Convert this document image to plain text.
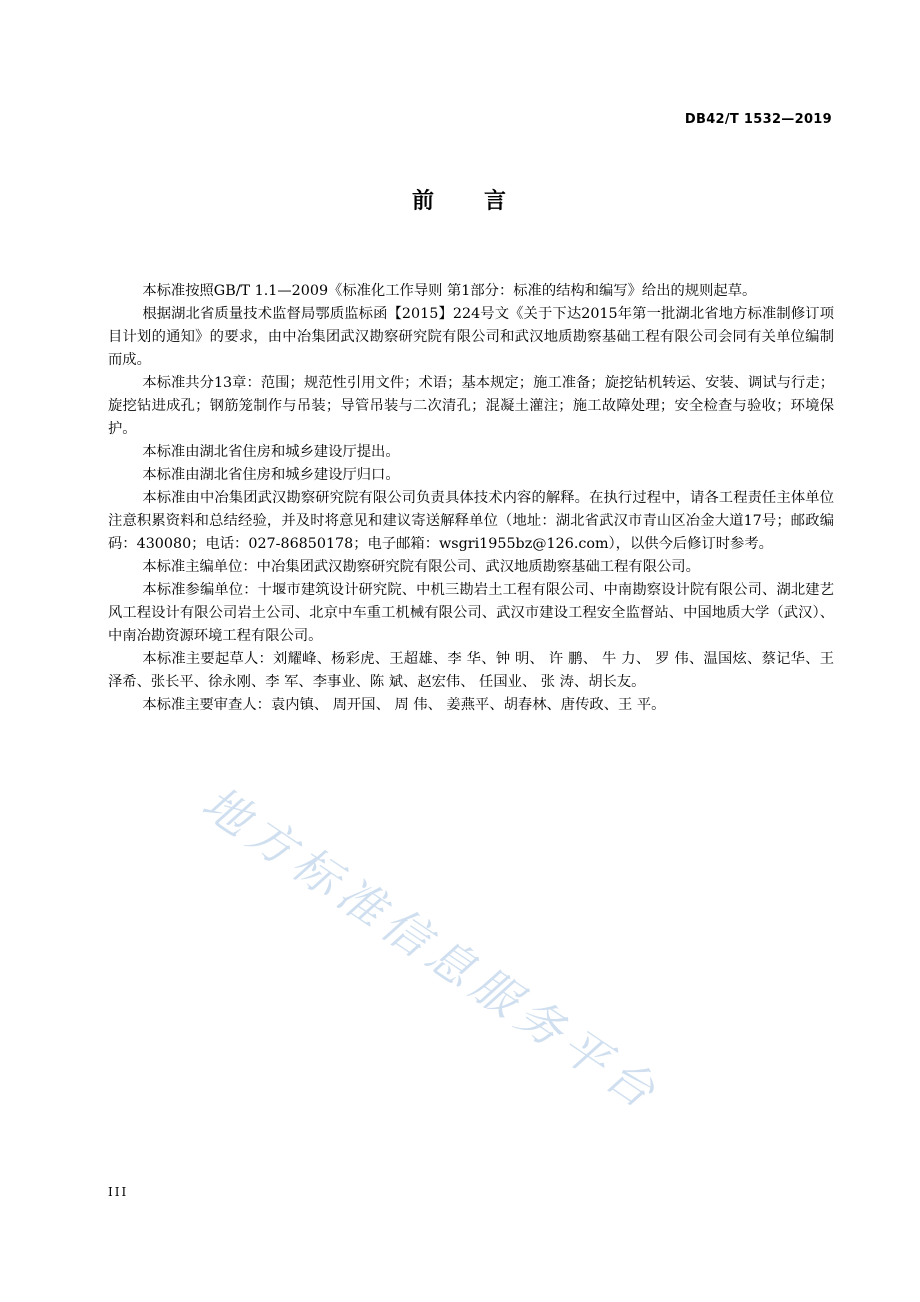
DB42/T 1532—2019
前 言

本标准按照GB/T 1.1—2009《标准化工作导则 第1部分：标准的结构和编写》给出的规则起草。

根据湖北省质量技术监督局鄂质监标函【2015】224号文《关于下达2015年第一批湖北省地方标准制修订项目计划的通知》的要求，由中冶集团武汉勘察研究院有限公司和武汉地质勘察基础工程有限公司会同有关单位编制而成。

本标准共分13章：范围；规范性引用文件；术语；基本规定；施工准备；旋挖钻机转运、安装、调试与行走；旋挖钻进成孔；钢筋笼制作与吊装；导管吊装与二次清孔；混凝土灌注；施工故障处理；安全检查与验收；环境保护。

本标准由湖北省住房和城乡建设厅提出。

本标准由湖北省住房和城乡建设厅归口。

本标准由中冶集团武汉勘察研究院有限公司负责具体技术内容的解释。在执行过程中，请各工程责任主体单位注意积累资料和总结经验，并及时将意见和建议寄送解释单位（地址：湖北省武汉市青山区冶金大道17号；邮政编码：430080；电话：027-86850178；电子邮箱：wsgri1955bz@126.com），以供今后修订时参考。

本标准主编单位：中冶集团武汉勘察研究院有限公司、武汉地质勘察基础工程有限公司。

本标准参编单位：十堰市建筑设计研究院、中机三勘岩土工程有限公司、中南勘察设计院有限公司、湖北建艺风工程设计有限公司岩土公司、北京中车重工机械有限公司、武汉市建设工程安全监督站、中国地质大学（武汉）、中南冶勘资源环境工程有限公司。

本标准主要起草人：刘耀峰、杨彩虎、王超雄、李 华、钟 明、 许 鹏、 牛 力、 罗 伟、温国炫、蔡记华、王泽希、张长平、徐永刚、李 军、李事业、陈 斌、赵宏伟、 任国业、 张 涛、胡长友。

本标准主要审查人：袁内镇、 周开国、 周 伟、 姜燕平、胡春林、唐传政、王 平。

III
地方标准信息服务平台
